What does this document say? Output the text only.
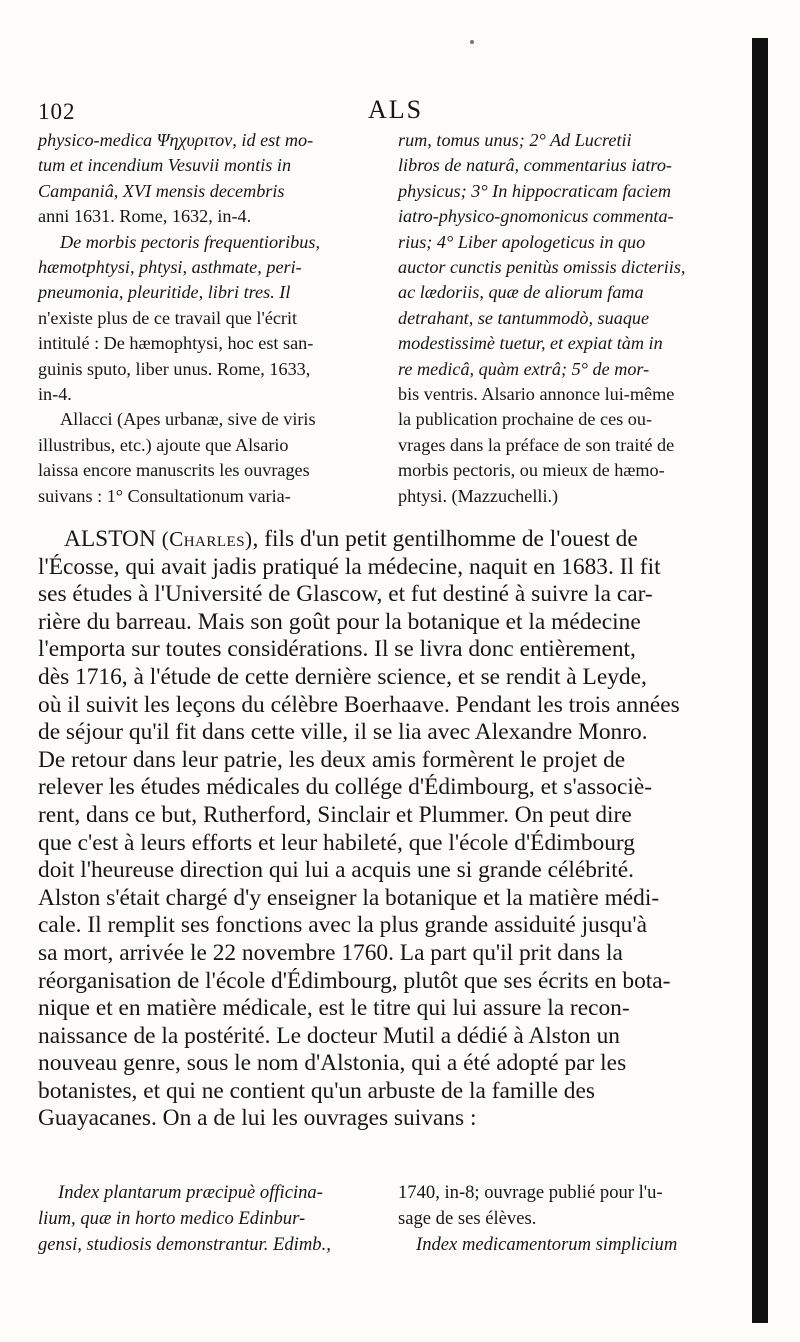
102	ALS
physico-medica Ψηχυριτον, id est mo-
tum et incendium Vesuvii montis in
Campaniâ, XVI mensis decembris
anni 1631. Rome, 1632, in-4.
De morbis pectoris frequentioribus,
hæmotphtysi, phtysi, asthmate, peri-
pneumonia, pleuritide, libri tres. Il
n'existe plus de ce travail que l'écrit
intitulé : De hæmophtysi, hoc est san-
guinis sputo, liber unus. Rome, 1633,
in-4.
Allacci (Apes urbanæ, sive de viris
illustribus, etc.) ajoute que Alsario
laissa encore manuscrits les ouvrages
suivans : 1° Consultationum varia-
rum, tomus unus; 2° Ad Lucretii
libros de naturâ, commentarius iatro-
physicus; 3° In hippocraticam faciem
iatro-physico-gnomonicus commenta-
rius; 4° Liber apologeticus in quo
auctor cunctis penitùs omissis dicteriis,
ac lædoriis, quæ de aliorum fama
detrahant, se tantummodò, suaque
modestissimè tuetur, et expiat tàm in
re medicâ, quàm extrâ; 5° de mor-
bis ventris. Alsario annonce lui-même
la publication prochaine de ces ou-
vrages dans la préface de son traité de
morbis pectoris, ou mieux de hæmo-
phtysi. (Mazzuchelli.)
ALSTON (Charles), fils d'un petit gentilhomme de l'ouest de
l'Écosse, qui avait jadis pratiqué la médecine, naquit en 1683. Il fit
ses études à l'Université de Glascow, et fut destiné à suivre la car-
rière du barreau. Mais son goût pour la botanique et la médecine
l'emporta sur toutes considérations. Il se livra donc entièrement,
dès 1716, à l'étude de cette dernière science, et se rendit à Leyde,
où il suivit les leçons du célèbre Boerhaave. Pendant les trois années
de séjour qu'il fit dans cette ville, il se lia avec Alexandre Monro.
De retour dans leur patrie, les deux amis formèrent le projet de
relever les études médicales du collége d'Édimbourg, et s'associè-
rent, dans ce but, Rutherford, Sinclair et Plummer. On peut dire
que c'est à leurs efforts et leur habileté, que l'école d'Édimbourg
doit l'heureuse direction qui lui a acquis une si grande célébrité.
Alston s'était chargé d'y enseigner la botanique et la matière médi-
cale. Il remplit ses fonctions avec la plus grande assiduité jusqu'à
sa mort, arrivée le 22 novembre 1760. La part qu'il prit dans la
réorganisation de l'école d'Édimbourg, plutôt que ses écrits en bota-
nique et en matière médicale, est le titre qui lui assure la recon-
naissance de la postérité. Le docteur Mutil a dédié à Alston un
nouveau genre, sous le nom d'Alstonia, qui a été adopté par les
botanistes, et qui ne contient qu'un arbuste de la famille des
Guayacanes. On a de lui les ouvrages suivans :
Index plantarum præcipuè officina-
lium, quæ in horto medico Edinbur-
gensi, studiosis demonstrantur. Edimb.,
1740, in-8; ouvrage publié pour l'u-
sage de ses élèves.
Index medicamentorum simplicium
